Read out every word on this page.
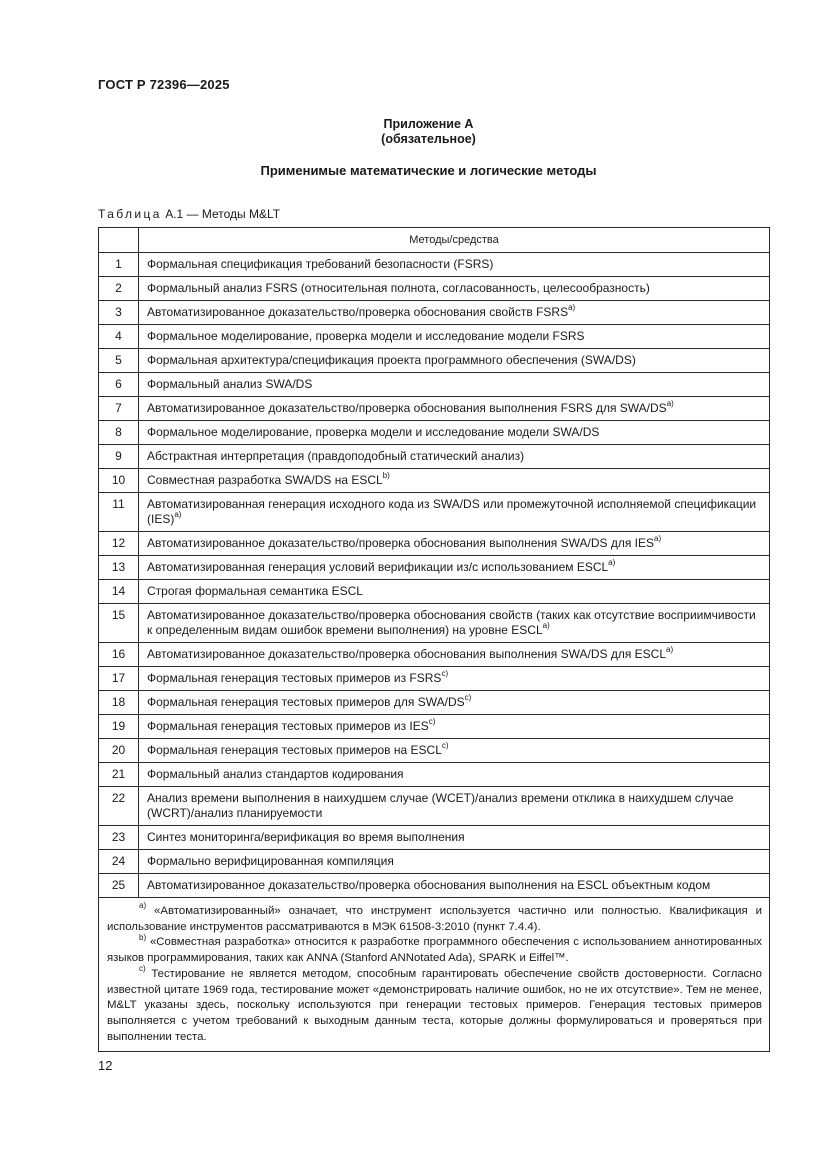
ГОСТ Р 72396—2025
Приложение А
(обязательное)
Применимые математические и логические методы
Таблица А.1 — Методы M&LT
	Методы/средства
1	Формальная спецификация требований безопасности (FSRS)
2	Формальный анализ FSRS (относительная полнота, согласованность, целесообразность)
3	Автоматизированное доказательство/проверка обоснования свойств FSRS$^{a)}$
4	Формальное моделирование, проверка модели и исследование модели FSRS
5	Формальная архитектура/спецификация проекта программного обеспечения (SWA/DS)
6	Формальный анализ SWA/DS
7	Автоматизированное доказательство/проверка обоснования выполнения FSRS для SWA/DS$^{a)}$
8	Формальное моделирование, проверка модели и исследование модели SWA/DS
9	Абстрактная интерпретация (правдоподобный статический анализ)
10	Совместная разработка SWA/DS на ESCL$^{b)}$
11	Автоматизированная генерация исходного кода из SWA/DS или промежуточной исполняемой спецификации (IES)$^{a)}$
12	Автоматизированное доказательство/проверка обоснования выполнения SWA/DS для IES$^{a)}$
13	Автоматизированная генерация условий верификации из/с использованием ESCL$^{a)}$
14	Строгая формальная семантика ESCL
15	Автоматизированное доказательство/проверка обоснования свойств (таких как отсутствие восприимчивости к определенным видам ошибок времени выполнения) на уровне ESCL$^{a)}$
16	Автоматизированное доказательство/проверка обоснования выполнения SWA/DS для ESCL$^{a)}$
17	Формальная генерация тестовых примеров из FSRS$^{c)}$
18	Формальная генерация тестовых примеров для SWA/DS$^{c)}$
19	Формальная генерация тестовых примеров из IES$^{c)}$
20	Формальная генерация тестовых примеров на ESCL$^{c)}$
21	Формальный анализ стандартов кодирования
22	Анализ времени выполнения в наихудшем случае (WCET)/анализ времени отклика в наихудшем случае (WCRT)/анализ планируемости
23	Синтез мониторинга/верификация во время выполнения
24	Формально верифицированная компиляция
25	Автоматизированное доказательство/проверка обоснования выполнения на ESCL объектным кодом

$^{a)}$ «Автоматизированный» означает, что инструмент используется частично или полностью. Квалификация и использование инструментов рассматриваются в МЭК 61508-3:2010 (пункт 7.4.4).

$^{b)}$ «Совместная разработка» относится к разработке программного обеспечения с использованием аннотированных языков программирования, таких как ANNA (Stanford ANNotated Ada), SPARK и Eiffel™.

$^{c)}$ Тестирование не является методом, способным гарантировать обеспечение свойств достоверности. Согласно известной цитате 1969 года, тестирование может «демонстрировать наличие ошибок, но не их отсутствие». Тем не менее, M&LT указаны здесь, поскольку используются при генерации тестовых примеров. Генерация тестовых примеров выполняется с учетом требований к выходным данным теста, которые должны формулироваться и проверяться при выполнении теста.	

12
